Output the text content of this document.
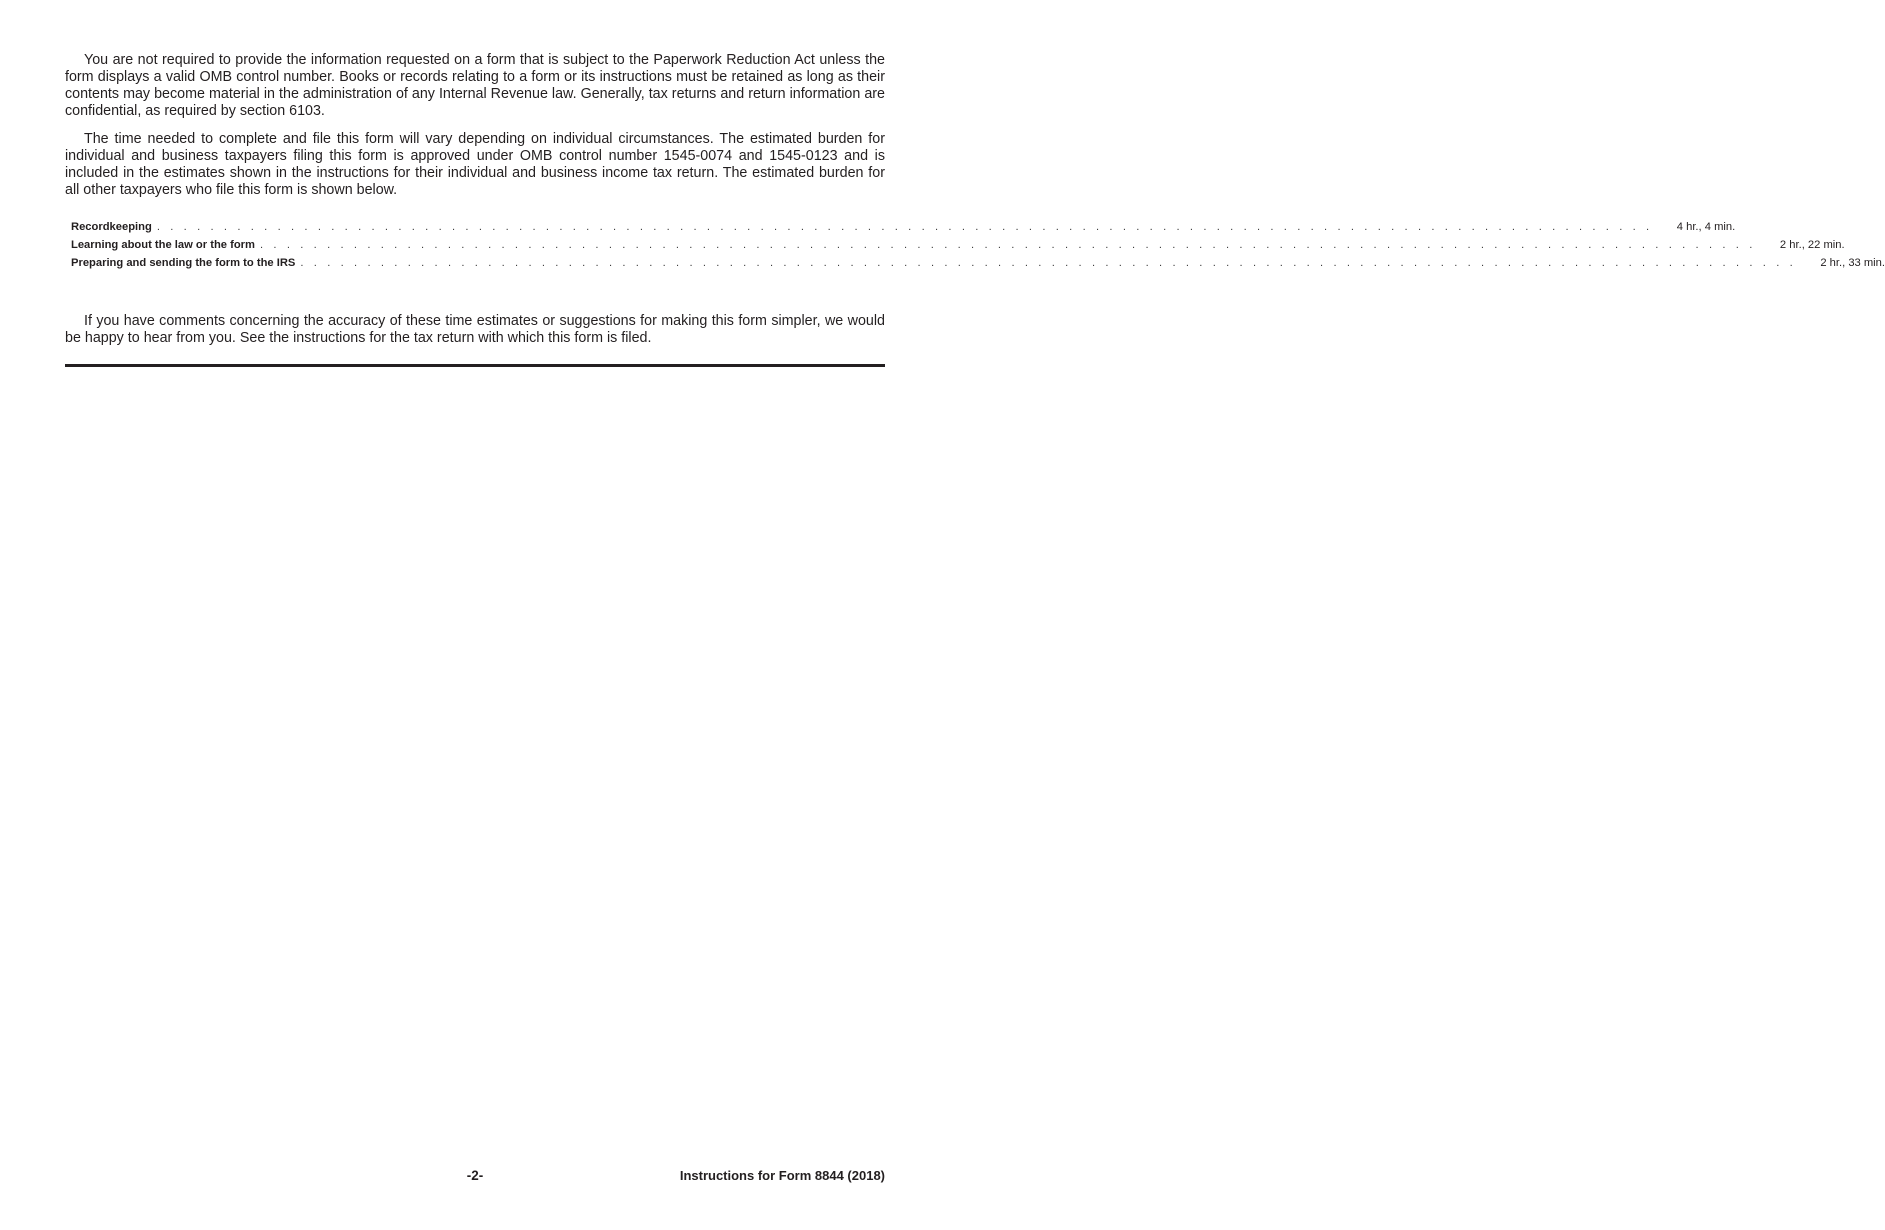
You are not required to provide the information requested on a form that is subject to the Paperwork Reduction Act unless the form displays a valid OMB control number. Books or records relating to a form or its instructions must be retained as long as their contents may become material in the administration of any Internal Revenue law. Generally, tax returns and return information are confidential, as required by section 6103.

The time needed to complete and file this form will vary depending on individual circumstances. The estimated burden for individual and business taxpayers filing this form is approved under OMB control number 1545-0074 and 1545-0123 and is included in the estimates shown in the instructions for their individual and business income tax return. The estimated burden for all other taxpayers who file this form is shown below.

Recordkeeping . . . . . . . . . . . . . . . . . . . . . . . . . . . . . . . . . . . . . . . . . . . . . . . . . . . . . . . . . . . . . . . . . . . . . . . . . . . . . . . . . . . . . . . . . . . . . . . . . . . . . . . . . . . . . . . . 4 hr., 4 min.
Learning about the law or the form . . . . . . . . . . . . . . . . . . . . . . . . . . . . . . . . . . . . . . . . . . . . . . . . . . . . . . . . . . . . . . . . . . . . . . . . . . . . . . . . . . . . . . . . . . . . . . . . . . . . . . . . . . . . . . . . 2 hr., 22 min.
Preparing and sending the form to the IRS . . . . . . . . . . . . . . . . . . . . . . . . . . . . . . . . . . . . . . . . . . . . . . . . . . . . . . . . . . . . . . . . . . . . . . . . . . . . . . . . . . . . . . . . . . . . . . . . . . . . . . . . . . . . . . . . 2 hr., 33 min.

If you have comments concerning the accuracy of these time estimates or suggestions for making this form simpler, we would be happy to hear from you. See the instructions for the tax return with which this form is filed.

-2-	Instructions for Form 8844 (2018)
